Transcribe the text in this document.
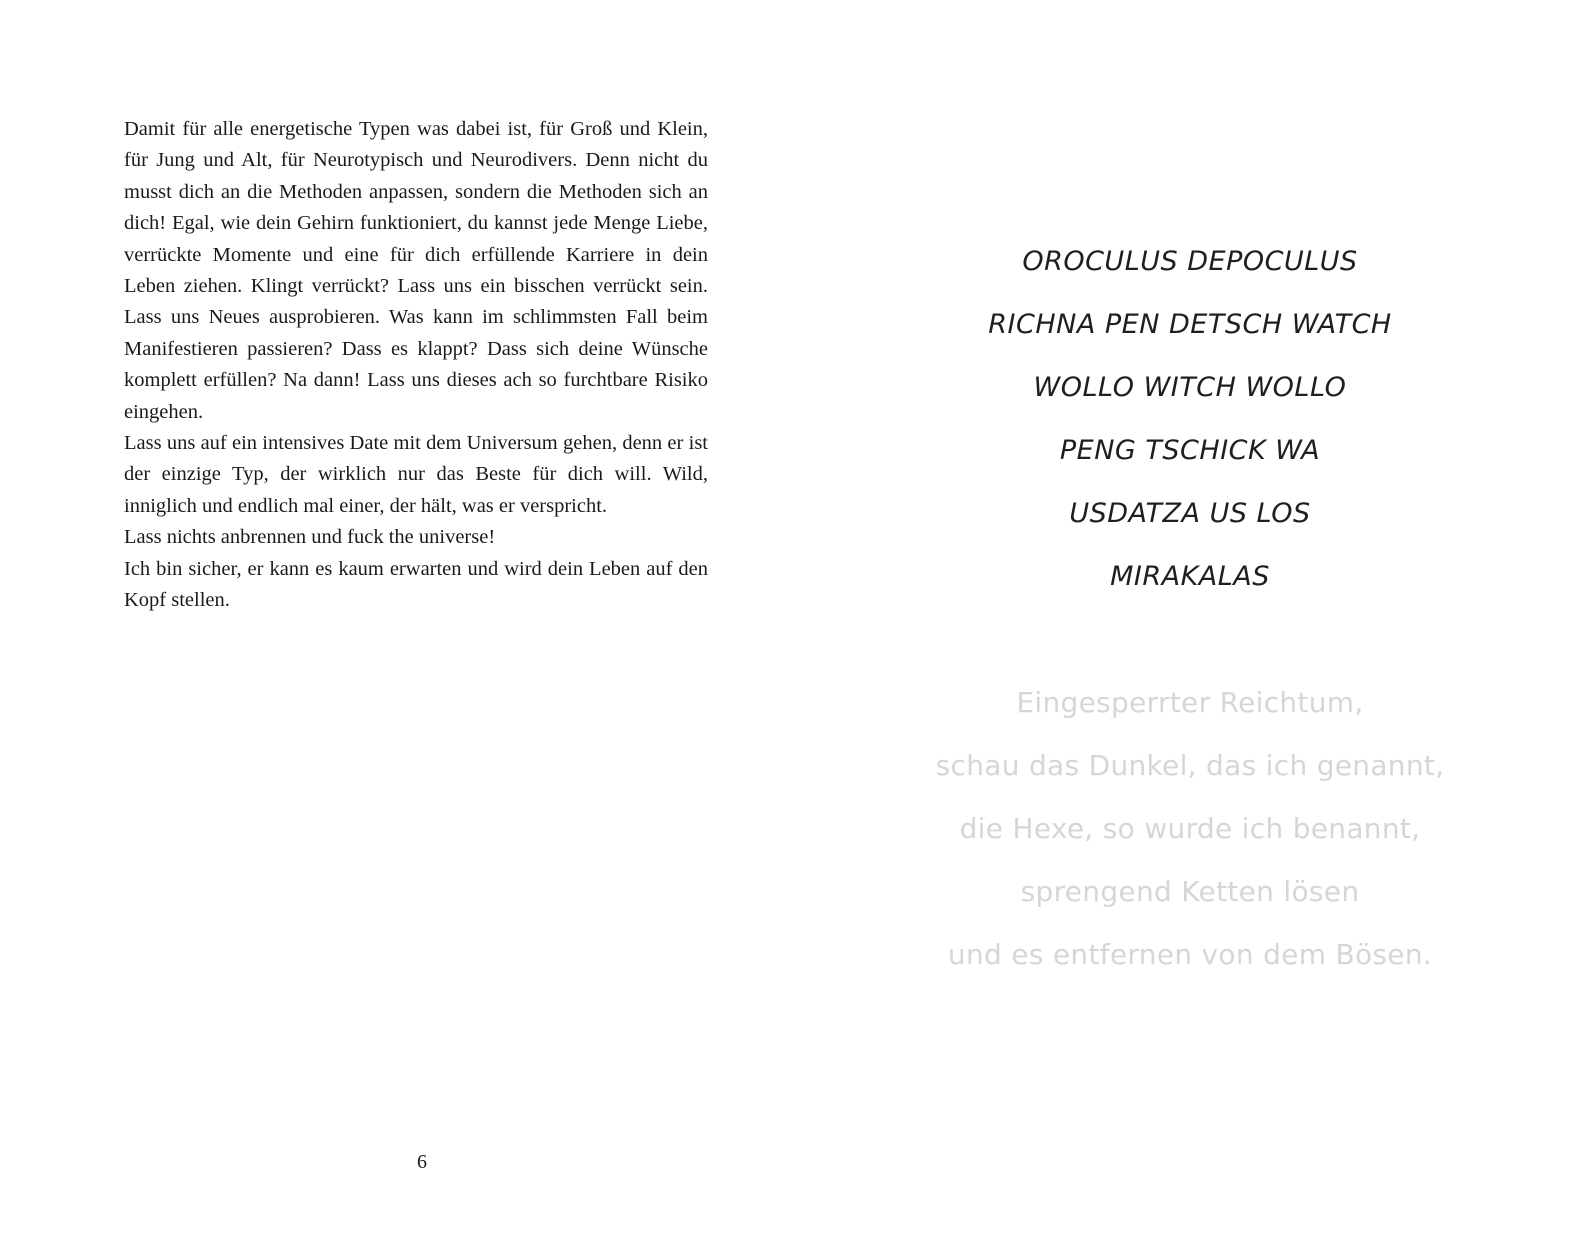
Damit für alle energetische Typen was dabei ist, für Groß und Klein, für Jung und Alt, für Neurotypisch und Neurodivers. Denn nicht du musst dich an die Methoden anpassen, sondern die Methoden sich an dich! Egal, wie dein Gehirn funktioniert, du kannst jede Menge Liebe, verrückte Momente und eine für dich erfüllende Karriere in dein Leben ziehen. Klingt verrückt? Lass uns ein bisschen verrückt sein. Lass uns Neues ausprobieren. Was kann im schlimmsten Fall beim Manifestieren passieren? Dass es klappt? Dass sich deine Wünsche komplett erfüllen? Na dann! Lass uns dieses ach so furchtbare Risiko eingehen.

Lass uns auf ein intensives Date mit dem Universum gehen, denn er ist der einzige Typ, der wirklich nur das Beste für dich will. Wild, inniglich und endlich mal einer, der hält, was er verspricht.

Lass nichts anbrennen und fuck the universe!

Ich bin sicher, er kann es kaum erwarten und wird dein Leben auf den Kopf stellen.

6
OROCULUS DEPOCULUS
RICHNA PEN DETSCH WATCH
WOLLO WITCH WOLLO
PENG TSCHICK WA
USDATZA US LOS
MIRAKALAS
Eingesperrter Reichtum,
schau das Dunkel, das ich genannt,
die Hexe, so wurde ich benannt,
sprengend Ketten lösen
und es entfernen von dem Bösen.
